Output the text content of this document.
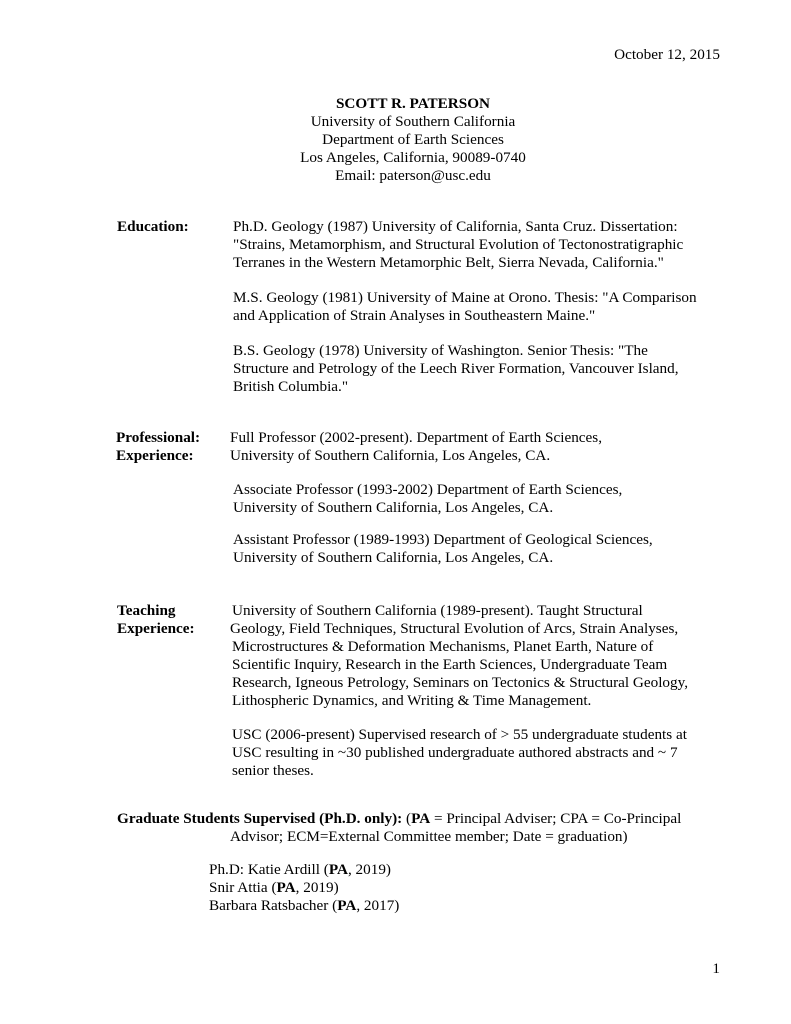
October 12, 2015
SCOTT R. PATERSON
University of Southern California
Department of Earth Sciences
Los Angeles, California, 90089-0740
Email: paterson@usc.edu
Education:	Ph.D. Geology (1987) University of California, Santa Cruz. Dissertation:
"Strains, Metamorphism, and Structural Evolution of Tectonostratigraphic
Terranes in the Western Metamorphic Belt, Sierra Nevada, California."
M.S. Geology (1981) University of Maine at Orono. Thesis: "A Comparison
and Application of Strain Analyses in Southeastern Maine."
B.S. Geology (1978) University of Washington. Senior Thesis: "The
Structure and Petrology of the Leech River Formation, Vancouver Island,
British Columbia."
Professional:
Experience:
Full Professor (2002-present). Department of Earth Sciences,
University of Southern California, Los Angeles, CA.
Associate Professor (1993-2002) Department of Earth Sciences,
University of Southern California, Los Angeles, CA.
Assistant Professor (1989-1993) Department of Geological Sciences,
University of Southern California, Los Angeles, CA.
Teaching
Experience:
University of Southern California (1989-present). Taught Structural
Geology, Field Techniques, Structural Evolution of Arcs, Strain Analyses,
Microstructures & Deformation Mechanisms, Planet Earth, Nature of
Scientific Inquiry, Research in the Earth Sciences, Undergraduate Team
Research, Igneous Petrology, Seminars on Tectonics & Structural Geology,
Lithospheric Dynamics, and Writing & Time Management.
USC (2006-present) Supervised research of > 55 undergraduate students at
USC resulting in ~30 published undergraduate authored abstracts and ~ 7
senior theses.
Graduate Students Supervised (Ph.D. only): (PA = Principal Adviser; CPA = Co-Principal
Advisor; ECM=External Committee member; Date = graduation)
Ph.D: Katie Ardill (PA, 2019)
Snir Attia (PA, 2019)
Barbara Ratsbacher (PA, 2017)
1
